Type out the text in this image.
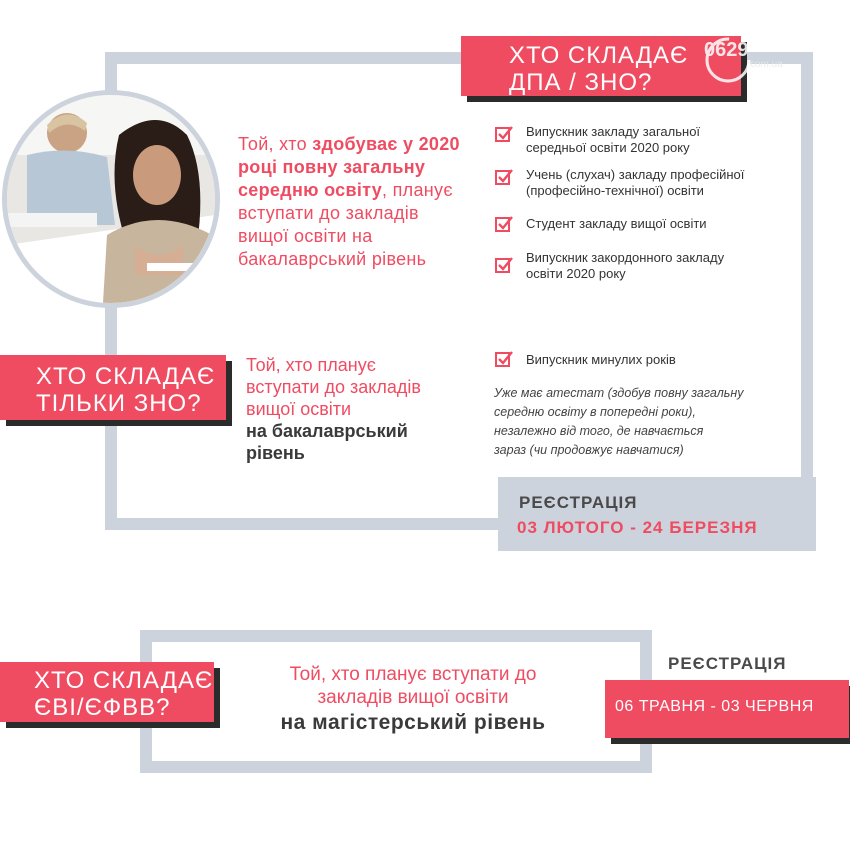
Той, хто здобуває у 2020 році повну загальну середню освіту, планує вступати до закладів вищої освіти на бакалаврський рівень
ХТО СКЛАДАЄ
ДПА / ЗНО?
0629
com.ua
Випускник закладу загальної
середньої освіти 2020 року
Учень (слухач) закладу професійної
(професійно-технічної) освіти
Студент закладу вищої освіти
Випускник закордонного закладу
освіти 2020 року
ХТО СКЛАДАЄ
ТІЛЬКИ ЗНО?
Той, хто планує
вступати до закладів
вищої освіти
на бакалаврський
рівень
Випускник минулих років
Уже має атестат (здобув повну загальну
середню освіту в попередні роки),
незалежно від того, де навчається
зараз (чи продовжує навчатися)
РЕЄСТРАЦІЯ
03 ЛЮТОГО - 24 БЕРЕЗНЯ
ХТО СКЛАДАЄ
ЄВІ/ЄФВВ?
Той, хто планує вступати до
закладів вищої освіти
на магістерський рівень
РЕЄСТРАЦІЯ
06 ТРАВНЯ - 03 ЧЕРВНЯ
